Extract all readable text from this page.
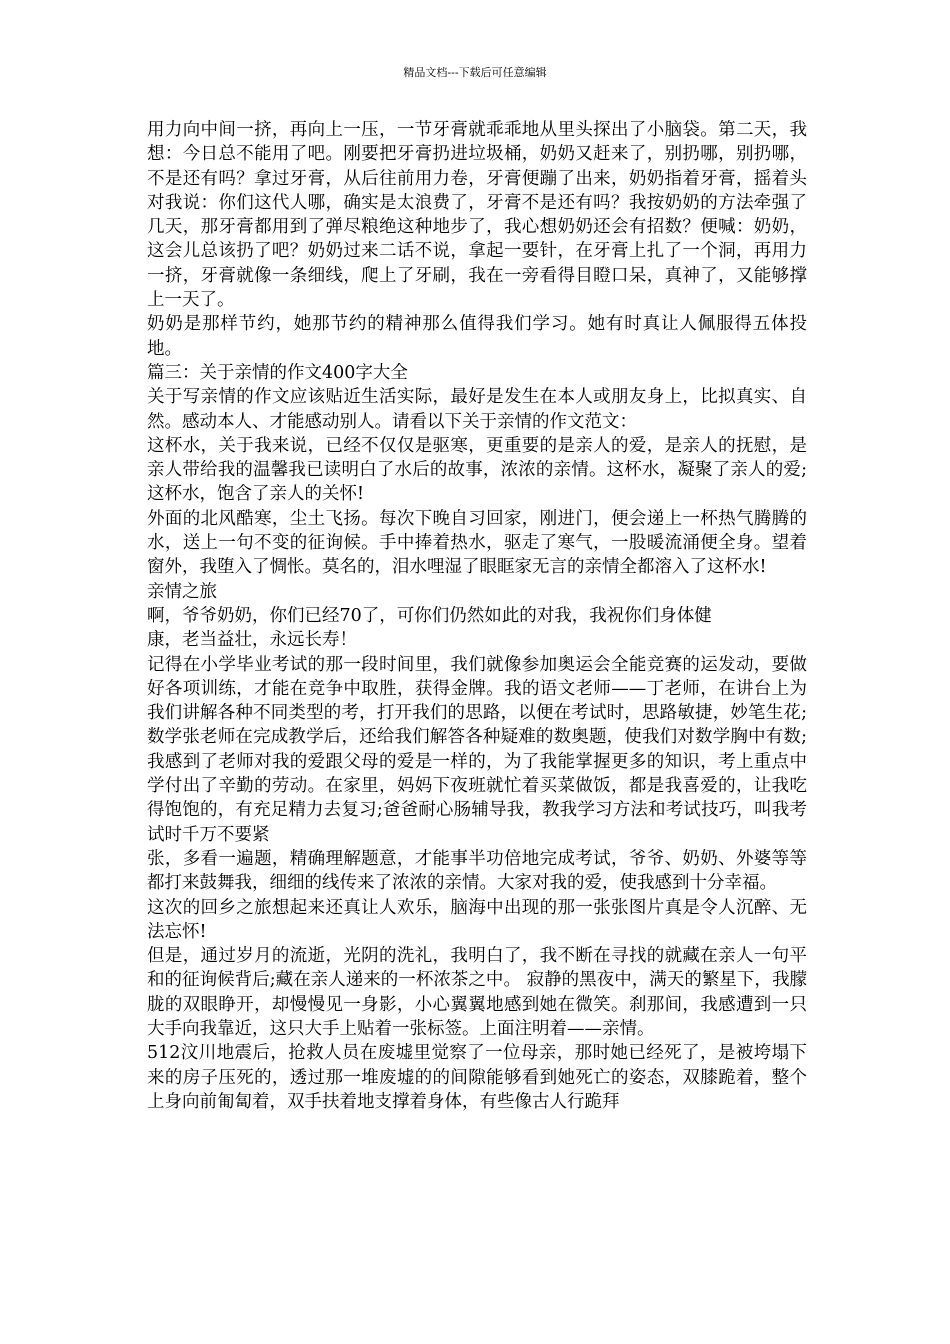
精品文档---下载后可任意编辑

用力向中间一挤，再向上一压，一节牙膏就乖乖地从里头探出了小脑袋。第二天，我想：今日总不能用了吧。刚要把牙膏扔进垃圾桶，奶奶又赶来了，别扔哪，别扔哪，不是还有吗？拿过牙膏，从后往前用力卷，牙膏便蹦了出来，奶奶指着牙膏，摇着头对我说：你们这代人哪，确实是太浪费了，牙膏不是还有吗？我按奶奶的方法牵强了几天，那牙膏都用到了弹尽粮绝这种地步了，我心想奶奶还会有招数？便喊：奶奶，这会儿总该扔了吧？奶奶过来二话不说，拿起一要针，在牙膏上扎了一个洞，再用力一挤，牙膏就像一条细线，爬上了牙刷，我在一旁看得目瞪口呆，真神了，又能够撑上一天了。

奶奶是那样节约，她那节约的精神那么值得我们学习。她有时真让人佩服得五体投地。

篇三：关于亲情的作文400字大全

关于写亲情的作文应该贴近生活实际，最好是发生在本人或朋友身上，比拟真实、自然。感动本人、才能感动别人。请看以下关于亲情的作文范文：

这杯水，关于我来说，已经不仅仅是驱寒，更重要的是亲人的爱，是亲人的抚慰，是亲人带给我的温馨我已读明白了水后的故事，浓浓的亲情。这杯水，凝聚了亲人的爱;这杯水，饱含了亲人的关怀!

外面的北风酷寒，尘土飞扬。每次下晚自习回家，刚进门，便会递上一杯热气腾腾的水，送上一句不变的征询候。手中捧着热水，驱走了寒气，一股暖流涌便全身。望着窗外，我堕入了惆怅。莫名的，泪水哩湿了眼眶家无言的亲情全都溶入了这杯水!

亲情之旅

啊，爷爷奶奶，你们已经70了，可你们仍然如此的对我，我祝你们身体健
康，老当益壮，永远长寿！

记得在小学毕业考试的那一段时间里，我们就像参加奥运会全能竞赛的运发动，要做好各项训练，才能在竞争中取胜，获得金牌。我的语文老师——丁老师，在讲台上为我们讲解各种不同类型的考，打开我们的思路，以便在考试时，思路敏捷，妙笔生花;数学张老师在完成教学后，还给我们解答各种疑难的数奥题，使我们对数学胸中有数;我感到了老师对我的爱跟父母的爱是一样的，为了我能掌握更多的知识，考上重点中学付出了辛勤的劳动。在家里，妈妈下夜班就忙着买菜做饭，都是我喜爱的，让我吃得饱饱的，有充足精力去复习;爸爸耐心肠辅导我，教我学习方法和考试技巧，叫我考试时千万不要紧
张，多看一遍题，精确理解题意，才能事半功倍地完成考试，爷爷、奶奶、外婆等等都打来鼓舞我，细细的线传来了浓浓的亲情。大家对我的爱，使我感到十分幸福。

这次的回乡之旅想起来还真让人欢乐，脑海中出现的那一张张图片真是令人沉醉、无法忘怀!

但是，通过岁月的流逝，光阴的洗礼，我明白了，我不断在寻找的就藏在亲人一句平和的征询候背后;藏在亲人递来的一杯浓茶之中。 寂静的黑夜中，满天的繁星下，我朦胧的双眼睁开，却慢慢见一身影，小心翼翼地感到她在微笑。刹那间，我感遭到一只大手向我靠近，这只大手上贴着一张标签。上面注明着——亲情。

512汶川地震后，抢救人员在废墟里觉察了一位母亲，那时她已经死了，是被垮塌下来的房子压死的，透过那一堆废墟的的间隙能够看到她死亡的姿态，双膝跪着，整个上身向前匍匐着，双手扶着地支撑着身体，有些像古人行跪拜
